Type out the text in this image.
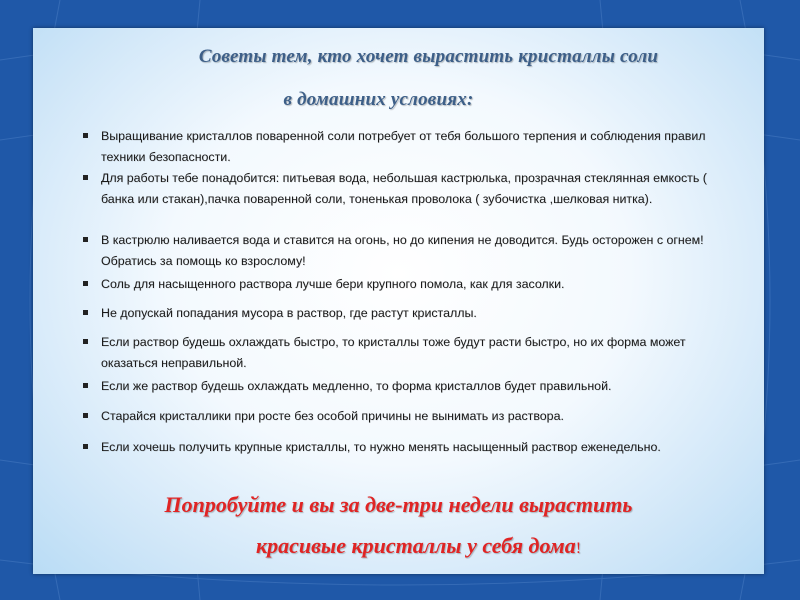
Советы тем, кто хочет вырастить кристаллы соли
в домашних условиях:
Выращивание кристаллов поваренной соли потребует от тебя большого терпения и соблюдения правил техники безопасности.
Для работы тебе понадобится: питьевая вода, небольшая кастрюлька, прозрачная стеклянная емкость ( банка или стакан),пачка поваренной соли, тоненькая проволока ( зубочистка ,шелковая нитка).
В кастрюлю наливается вода и ставится на огонь, но до кипения не доводится. Будь осторожен с огнем! Обратись за помощь ко взрослому!
Соль для насыщенного раствора лучше бери крупного помола, как для засолки.
Не допускай попадания мусора в раствор, где растут кристаллы.
Если раствор будешь охлаждать быстро, то кристаллы тоже будут расти быстро, но их форма может оказаться неправильной.
Если же раствор будешь охлаждать медленно, то форма кристаллов будет правильной.
Старайся кристаллики при росте без особой причины не вынимать из раствора.
Если хочешь получить крупные кристаллы, то нужно менять насыщенный раствор еженедельно.
Попробуйте и вы за две-три недели вырастить
красивые кристаллы у себя дома!
